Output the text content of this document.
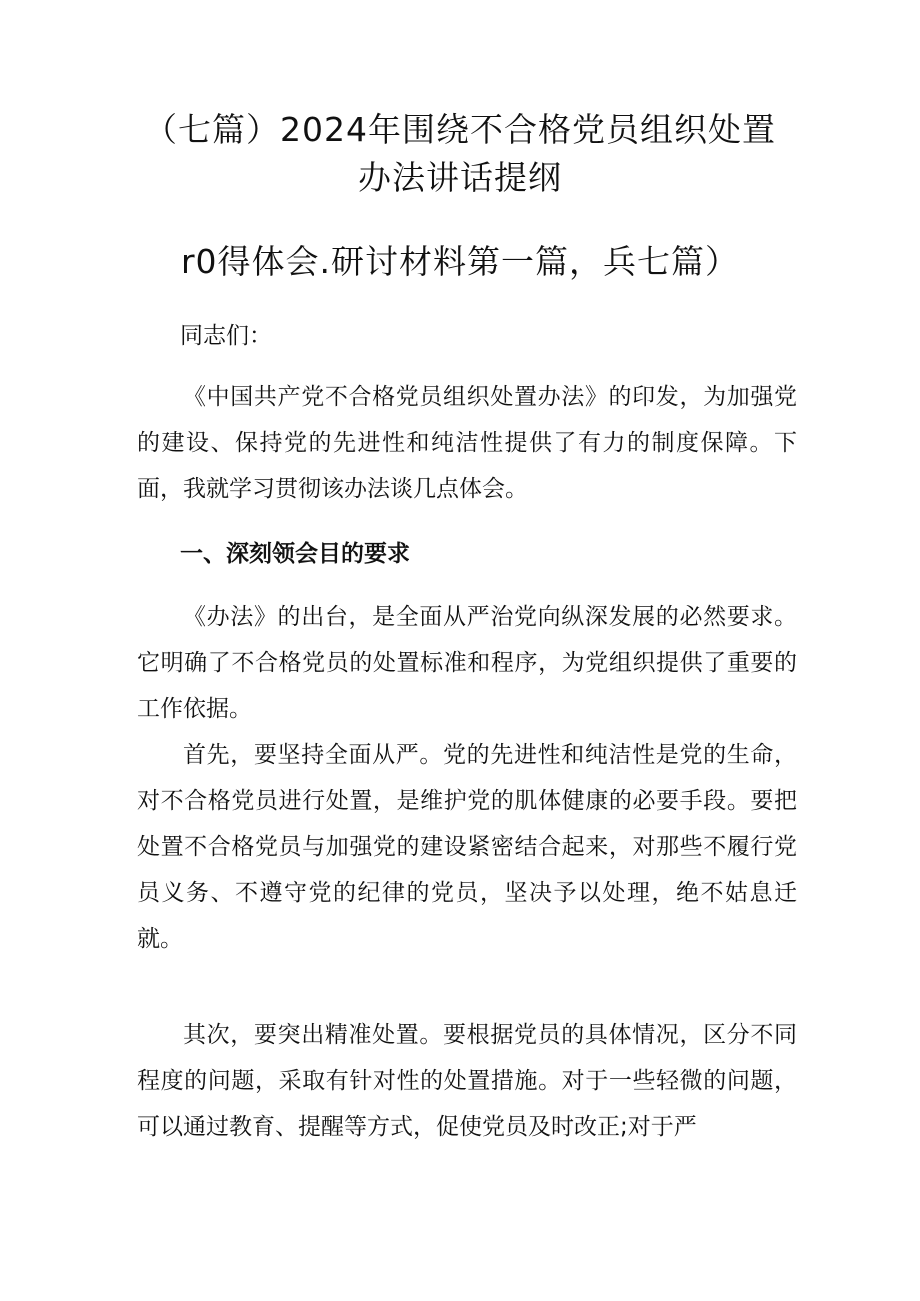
（七篇）2024年围绕不合格党员组织处置
办法讲话提纲
r0得体会.研讨材料第一篇，兵七篇）

同志们：

《中国共产党不合格党员组织处置办法》的印发，为加强党的建设、保持党的先进性和纯洁性提供了有力的制度保障。下面，我就学习贯彻该办法谈几点体会。

一、深刻领会目的要求

《办法》的出台，是全面从严治党向纵深发展的必然要求。它明确了不合格党员的处置标准和程序，为党组织提供了重要的工作依据。

首先，要坚持全面从严。党的先进性和纯洁性是党的生命，对不合格党员进行处置，是维护党的肌体健康的必要手段。要把处置不合格党员与加强党的建设紧密结合起来，对那些不履行党员义务、不遵守党的纪律的党员，坚决予以处理，绝不姑息迁就。

其次，要突出精准处置。要根据党员的具体情况，区分不同程度的问题，采取有针对性的处置措施。对于一些轻微的问题，可以通过教育、提醒等方式，促使党员及时改正;对于严
